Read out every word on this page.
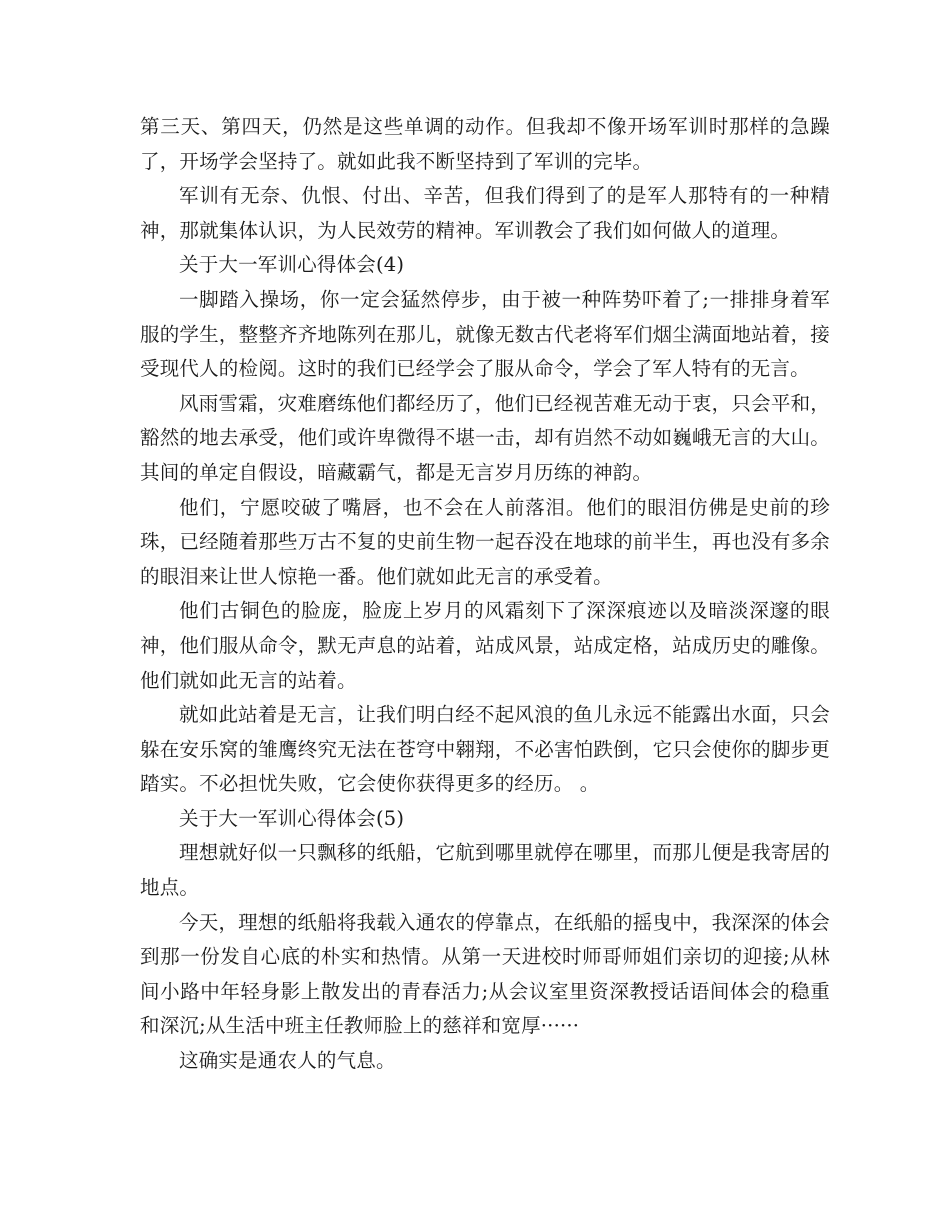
第三天、第四天，仍然是这些单调的动作。但我却不像开场军训时那样的急躁了，开场学会坚持了。就如此我不断坚持到了军训的完毕。

军训有无奈、仇恨、付出、辛苦，但我们得到了的是军人那特有的一种精神，那就集体认识，为人民效劳的精神。军训教会了我们如何做人的道理。

关于大一军训心得体会(4)

一脚踏入操场，你一定会猛然停步，由于被一种阵势吓着了;一排排身着军服的学生，整整齐齐地陈列在那儿，就像无数古代老将军们烟尘满面地站着，接受现代人的检阅。这时的我们已经学会了服从命令，学会了军人特有的无言。

风雨雪霜，灾难磨练他们都经历了，他们已经视苦难无动于衷，只会平和，豁然的地去承受，他们或许卑微得不堪一击，却有岿然不动如巍峨无言的大山。其间的单定自假设，暗藏霸气，都是无言岁月历练的神韵。

他们，宁愿咬破了嘴唇，也不会在人前落泪。他们的眼泪仿佛是史前的珍珠，已经随着那些万古不复的史前生物一起吞没在地球的前半生，再也没有多余的眼泪来让世人惊艳一番。他们就如此无言的承受着。

他们古铜色的脸庞，脸庞上岁月的风霜刻下了深深痕迹以及暗淡深邃的眼神，他们服从命令，默无声息的站着，站成风景，站成定格，站成历史的雕像。他们就如此无言的站着。

就如此站着是无言，让我们明白经不起风浪的鱼儿永远不能露出水面，只会躲在安乐窝的雏鹰终究无法在苍穹中翱翔，不必害怕跌倒，它只会使你的脚步更踏实。不必担忧失败，它会使你获得更多的经历。 。

关于大一军训心得体会(5)

理想就好似一只飘移的纸船，它航到哪里就停在哪里，而那儿便是我寄居的地点。

今天，理想的纸船将我载入通农的停靠点，在纸船的摇曳中，我深深的体会到那一份发自心底的朴实和热情。从第一天进校时师哥师姐们亲切的迎接;从林间小路中年轻身影上散发出的青春活力;从会议室里资深教授话语间体会的稳重和深沉;从生活中班主任教师脸上的慈祥和宽厚······

这确实是通农人的气息。
